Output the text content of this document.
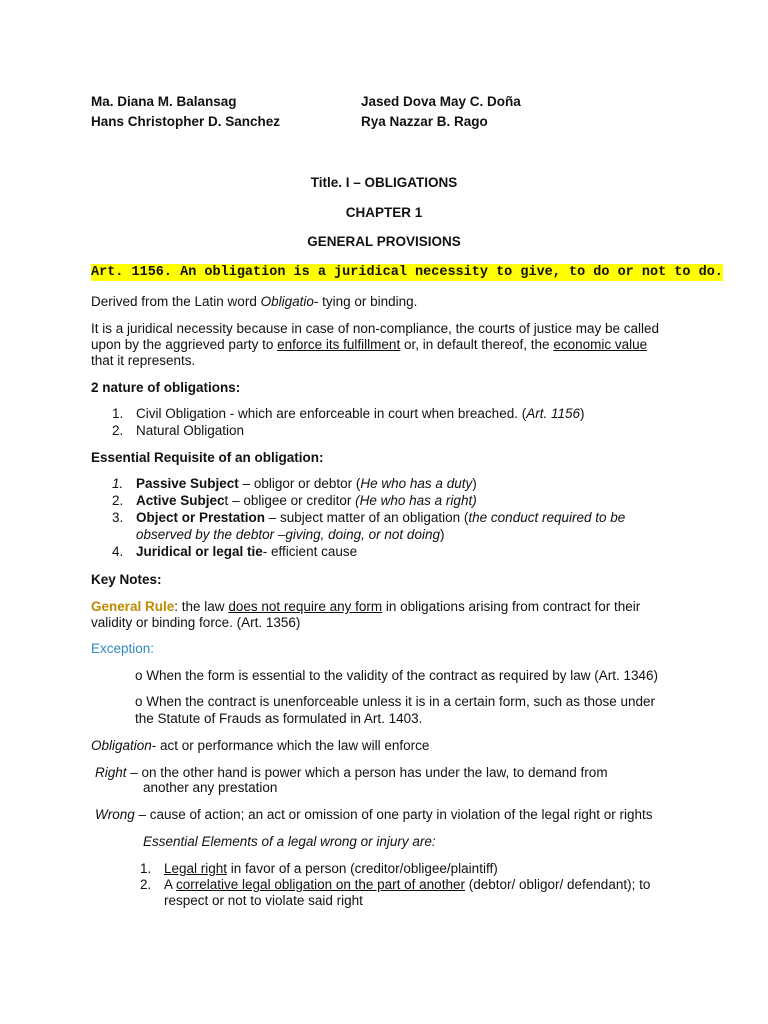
Ma. Diana M. Balansag
Hans Christopher D. Sanchez
Jased Dova May C. Doña
Rya Nazzar B. Rago
Title. I – OBLIGATIONS
CHAPTER 1
GENERAL PROVISIONS
Art. 1156. An obligation is a juridical necessity to give, to do or not to do.
Derived from the Latin word Obligatio- tying or binding.
It is a juridical necessity because in case of non-compliance, the courts of justice may be called
upon by the aggrieved party to enforce its fulfillment or, in default thereof, the economic value
that it represents.
2 nature of obligations:
1. Civil Obligation - which are enforceable in court when breached. (Art. 1156)
2. Natural Obligation
Essential Requisite of an obligation:
1. Passive Subject – obligor or debtor (He who has a duty)
2. Active Subject – obligee or creditor (He who has a right)
3. Object or Prestation – subject matter of an obligation (the conduct required to be
observed by the debtor –giving, doing, or not doing)
4. Juridical or legal tie- efficient cause
Key Notes:
General Rule: the law does not require any form in obligations arising from contract for their
validity or binding force. (Art. 1356)
Exception:
o When the form is essential to the validity of the contract as required by law (Art. 1346)
o When the contract is unenforceable unless it is in a certain form, such as those under
the Statute of Frauds as formulated in Art. 1403.
Obligation- act or performance which the law will enforce
Right – on the other hand is power which a person has under the law, to demand from
another any prestation
Wrong – cause of action; an act or omission of one party in violation of the legal right or rights
Essential Elements of a legal wrong or injury are:
1. Legal right in favor of a person (creditor/obligee/plaintiff)
2. A correlative legal obligation on the part of another (debtor/ obligor/ defendant); to
respect or not to violate said right
